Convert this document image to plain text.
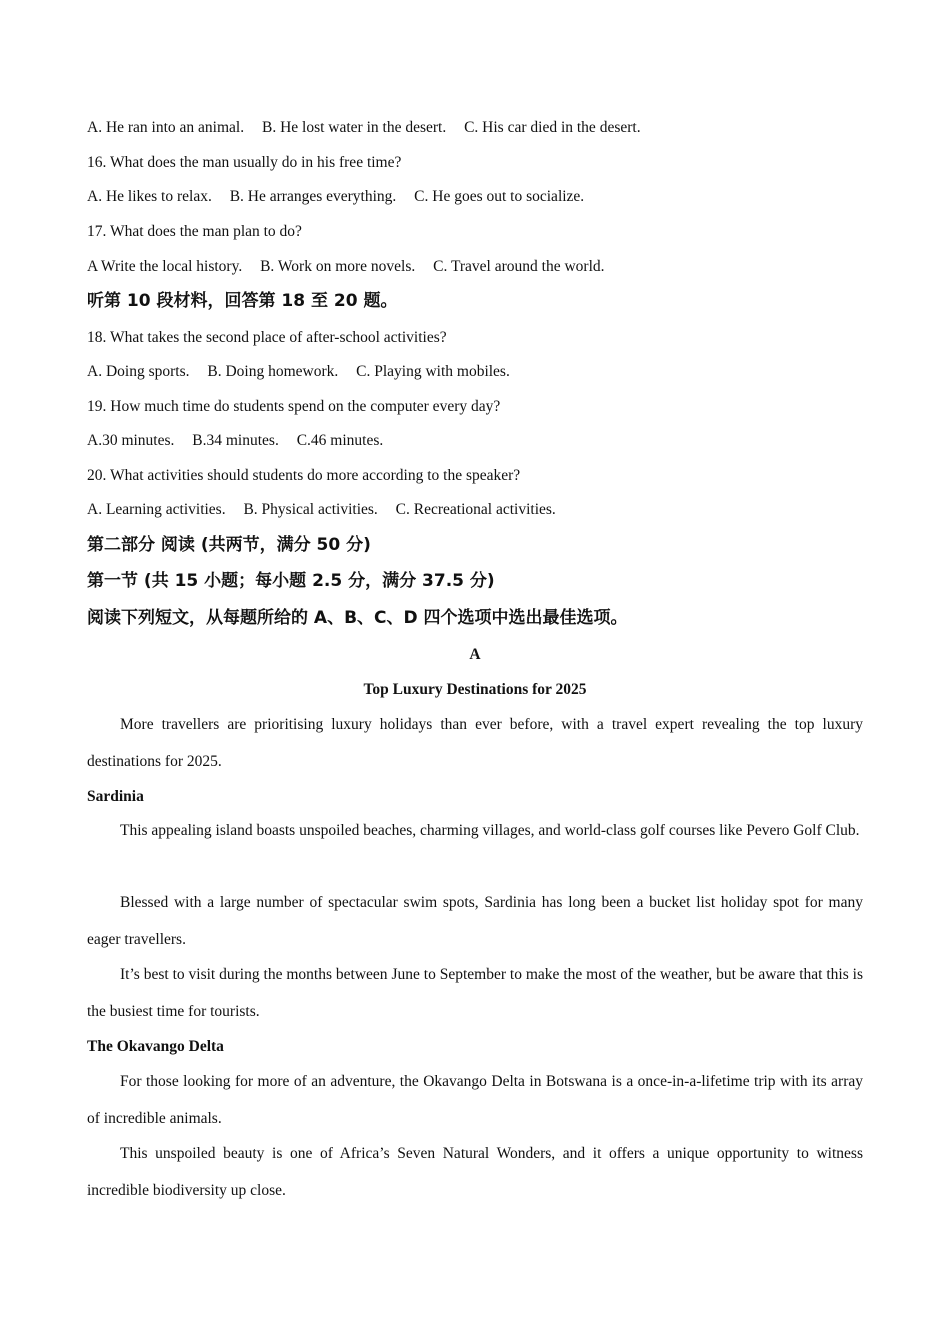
A. He ran into an animal. B. He lost water in the desert. C. His car died in the desert.
16. What does the man usually do in his free time?
A. He likes to relax. B. He arranges everything. C. He goes out to socialize.
17. What does the man plan to do?
A Write the local history. B. Work on more novels. C. Travel around the world.
听第 10 段材料，回答第 18 至 20 题。
18. What takes the second place of after-school activities?
A. Doing sports. B. Doing homework. C. Playing with mobiles.
19. How much time do students spend on the computer every day?
A.30 minutes. B.34 minutes. C.46 minutes.
20. What activities should students do more according to the speaker?
A. Learning activities. B. Physical activities. C. Recreational activities.
第二部分 阅读 (共两节，满分 50 分)
第一节 (共 15 小题；每小题 2.5 分，满分 37.5 分)
阅读下列短文，从每题所给的 A、B、C、D 四个选项中选出最佳选项。
A
Top Luxury Destinations for 2025
More travellers are prioritising luxury holidays than ever before, with a travel expert revealing the top luxury destinations for 2025.
Sardinia
This appealing island boasts unspoiled beaches, charming villages, and world-class golf courses like Pevero Golf Club.
Blessed with a large number of spectacular swim spots, Sardinia has long been a bucket list holiday spot for many eager travellers.
It’s best to visit during the months between June to September to make the most of the weather, but be aware that this is the busiest time for tourists.
The Okavango Delta
For those looking for more of an adventure, the Okavango Delta in Botswana is a once-in-a-lifetime trip with its array of incredible animals.
This unspoiled beauty is one of Africa’s Seven Natural Wonders, and it offers a unique opportunity to witness incredible biodiversity up close.
